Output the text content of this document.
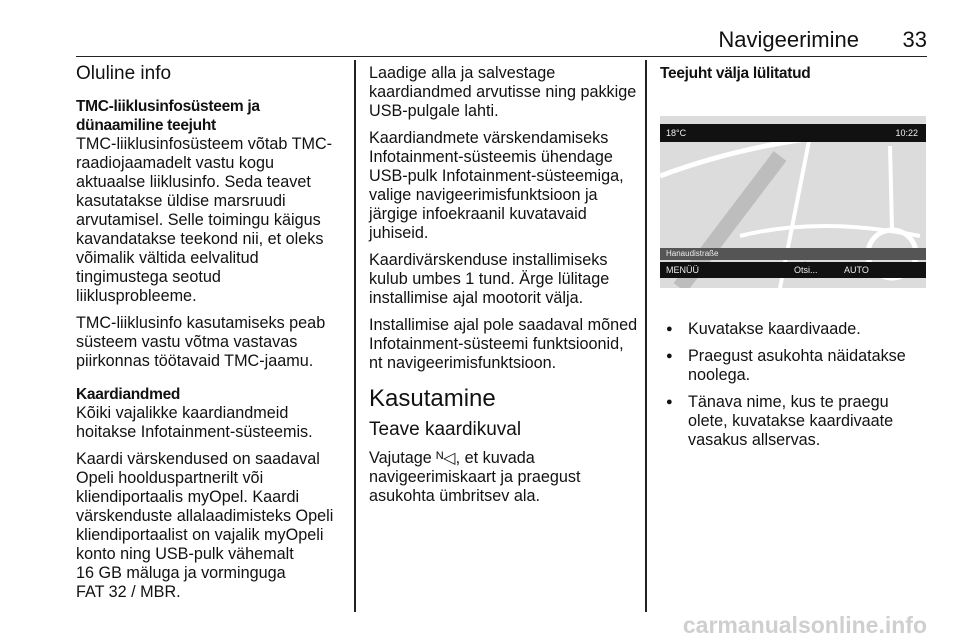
Navigeerimine 33
Oluline info
TMC-liiklusinfosüsteem ja
dünaamiline teejuht

TMC-liiklusinfosüsteem võtab TMC-
raadiojaamadelt vastu kogu
aktuaalse liiklusinfo. Seda teavet
kasutatakse üldise marsruudi
arvutamisel. Selle toimingu käigus
kavandatakse teekond nii, et oleks
võimalik vältida eelvalitud
tingimustega seotud
liiklusprobleeme.

TMC-liiklusinfo kasutamiseks peab
süsteem vastu võtma vastavas
piirkonnas töötavaid TMC-jaamu.

Kaardiandmed

Kõiki vajalikke kaardiandmeid
hoitakse Infotainment-süsteemis.

Kaardi värskendused on saadaval
Opeli hoolduspartnerilt või
kliendiportaalis myOpel. Kaardi
värskenduste allalaadimisteks Opeli
kliendiportaalist on vajalik myOpeli
konto ning USB-pulk vähemalt
16 GB mäluga ja vorminguga
FAT 32 / MBR.

Laadige alla ja salvestage
kaardiandmed arvutisse ning pakkige
USB-pulgale lahti.

Kaardiandmete värskendamiseks
Infotainment-süsteemis ühendage
USB-pulk Infotainment-süsteemiga,
valige navigeerimisfunktsioon ja
järgige infoekraanil kuvatavaid
juhiseid.

Kaardivärskenduse installimiseks
kulub umbes 1 tund. Ärge lülitage
installimise ajal mootorit välja.

Installimise ajal pole saadaval mõned
Infotainment-süsteemi funktsioonid,
nt navigeerimisfunktsioon.

Kasutamine
Teave kaardikuval

Vajutage ᴺ◁, et kuvada
navigeerimiskaart ja praegust
asukohta ümbritsev ala.

Teejuht välja lülitatud
18°C	10:22
Hanaudistraße
MENÜÜ	Otsi...	AUTO
● Kuvatakse kaardivaade.
● Praegust asukohta näidatakse
noolega.
● Tänava nime, kus te praegu
olete, kuvatakse kaardivaate
vasakus allservas.
carmanualsonline.info
